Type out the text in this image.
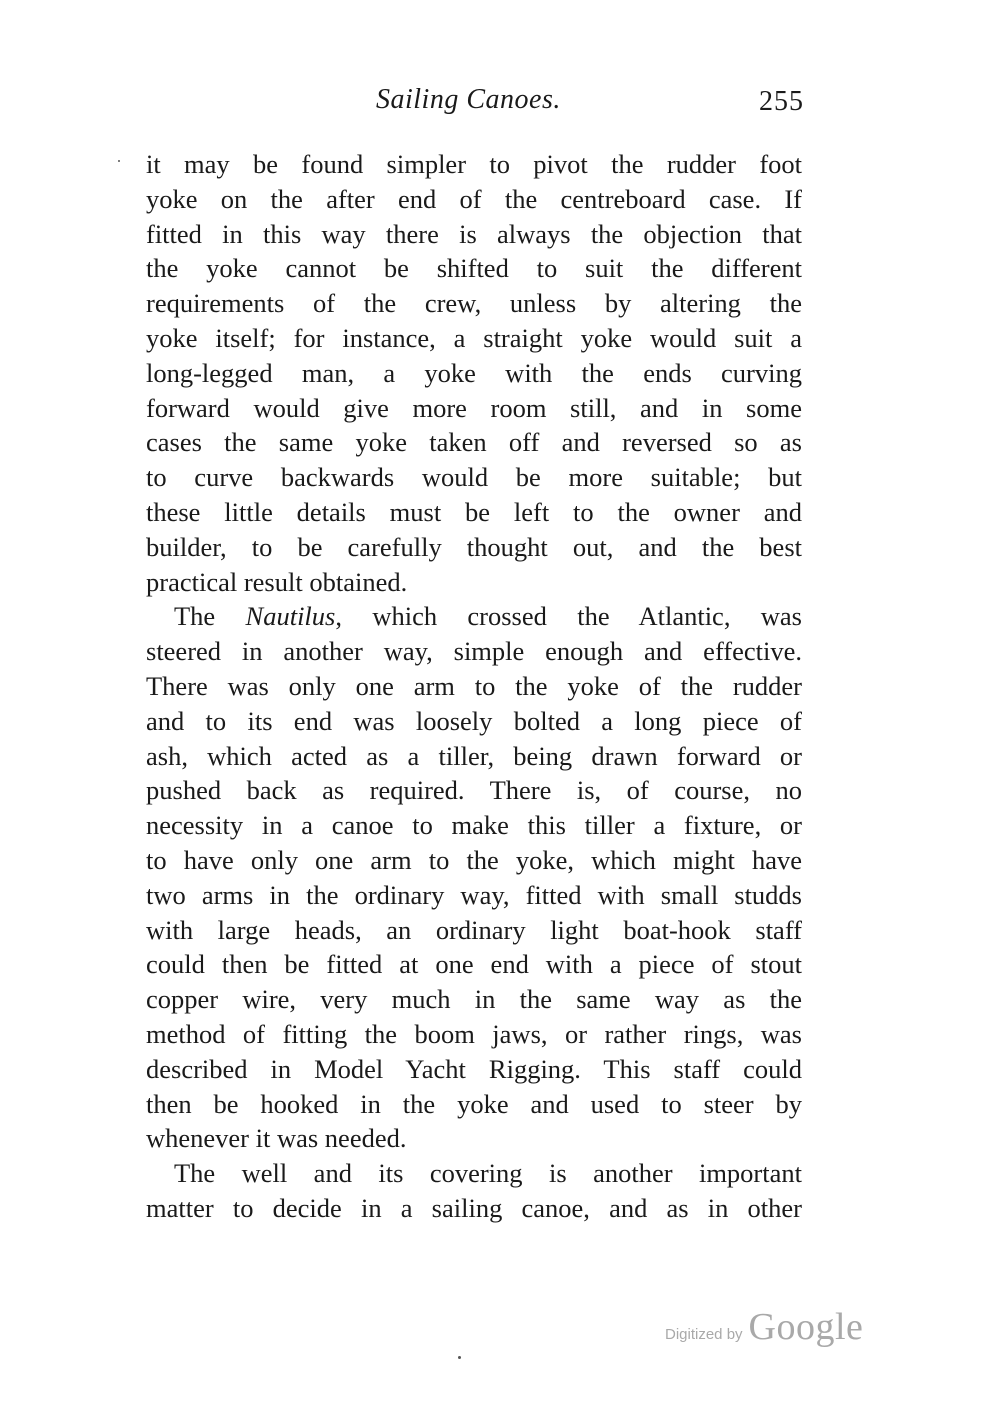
Sailing Canoes.	255

it may be found simpler to pivot the rudder foot
yoke on the after end of the centreboard case. If
fitted in this way there is always the objection that
the yoke cannot be shifted to suit the different
requirements of the crew, unless by altering the
yoke itself; for instance, a straight yoke would suit a
long-legged man, a yoke with the ends curving
forward would give more room still, and in some
cases the same yoke taken off and reversed so as
to curve backwards would be more suitable; but
these little details must be left to the owner and
builder, to be carefully thought out, and the best
practical result obtained.

The Nautilus, which crossed the Atlantic, was
steered in another way, simple enough and effective.
There was only one arm to the yoke of the rudder
and to its end was loosely bolted a long piece of
ash, which acted as a tiller, being drawn forward or
pushed back as required. There is, of course, no
necessity in a canoe to make this tiller a fixture, or
to have only one arm to the yoke, which might have
two arms in the ordinary way, fitted with small studds
with large heads, an ordinary light boat-hook staff
could then be fitted at one end with a piece of stout
copper wire, very much in the same way as the
method of fitting the boom jaws, or rather rings, was
described in Model Yacht Rigging. This staff could
then be hooked in the yoke and used to steer by
whenever it was needed.

The well and its covering is another important
matter to decide in a sailing canoe, and as in other

Digitized by Google
